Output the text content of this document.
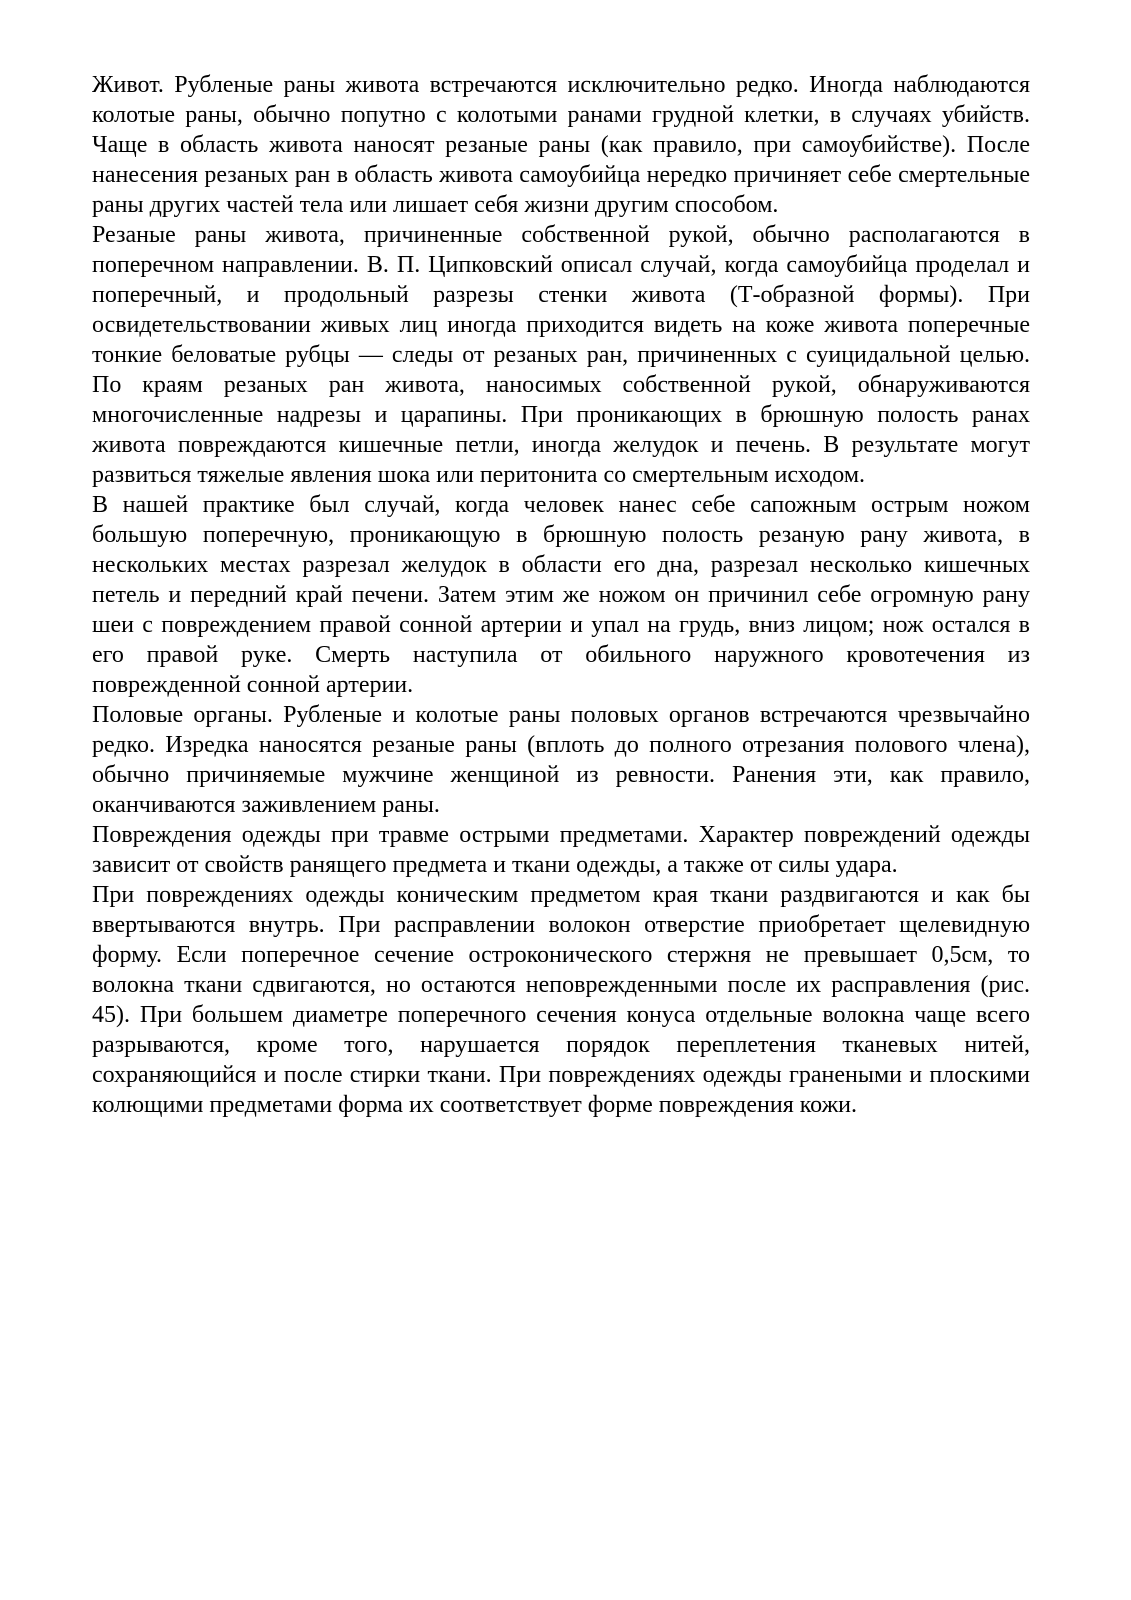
Живот. Рубленые раны живота встречаются исключительно редко. Иногда наблюдаются колотые раны, обычно попутно с колотыми ранами грудной клетки, в случаях убийств. Чаще в область живота наносят резаные раны (как правило, при самоубийстве). После нанесения резаных ран в область живота самоубийца нередко причиняет себе смертельные раны других частей тела или лишает себя жизни другим способом.

Резаные раны живота, причиненные собственной рукой, обычно располагаются в поперечном направлении. В. П. Ципковский описал случай, когда самоубийца проделал и поперечный, и продольный разрезы стенки живота (Т-образной формы). При освидетельствовании живых лиц иногда приходится видеть на коже живота поперечные тонкие беловатые рубцы — следы от резаных ран, причиненных с суицидальной целью. По краям резаных ран живота, наносимых собственной рукой, обнаруживаются многочисленные надрезы и царапины. При проникающих в брюшную полость ранах живота повреждаются кишечные петли, иногда желудок и печень. В результате могут развиться тяжелые явления шока или перитонита со смертельным исходом.

В нашей практике был случай, когда человек нанес себе сапожным острым ножом большую поперечную, проникающую в брюшную полость резаную рану живота, в нескольких местах разрезал желудок в области его дна, разрезал несколько кишечных петель и передний край печени. Затем этим же ножом он причинил себе огромную рану шеи с повреждением правой сонной артерии и упал на грудь, вниз лицом; нож остался в его правой руке. Смерть наступила от обильного наружного кровотечения из поврежденной сонной артерии.

Половые органы. Рубленые и колотые раны половых органов встречаются чрезвычайно редко. Изредка наносятся резаные раны (вплоть до полного отрезания полового члена), обычно причиняемые мужчине женщиной из ревности. Ранения эти, как правило, оканчиваются заживлением раны.

Повреждения одежды при травме острыми предметами. Характер повреждений одежды зависит от свойств ранящего предмета и ткани одежды, а также от силы удара.

При повреждениях одежды коническим предметом края ткани раздвигаются и как бы ввертываются внутрь. При расправлении волокон отверстие приобретает щелевидную форму. Если поперечное сечение остроконического стержня не превышает 0,5см, то волокна ткани сдвигаются, но остаются неповрежденными после их расправления (рис. 45). При большем диаметре поперечного сечения конуса отдельные волокна чаще всего разрываются, кроме того, нарушается порядок переплетения тканевых нитей, сохраняющийся и после стирки ткани. При повреждениях одежды гранеными и плоскими колющими предметами форма их соответствует форме повреждения кожи.
